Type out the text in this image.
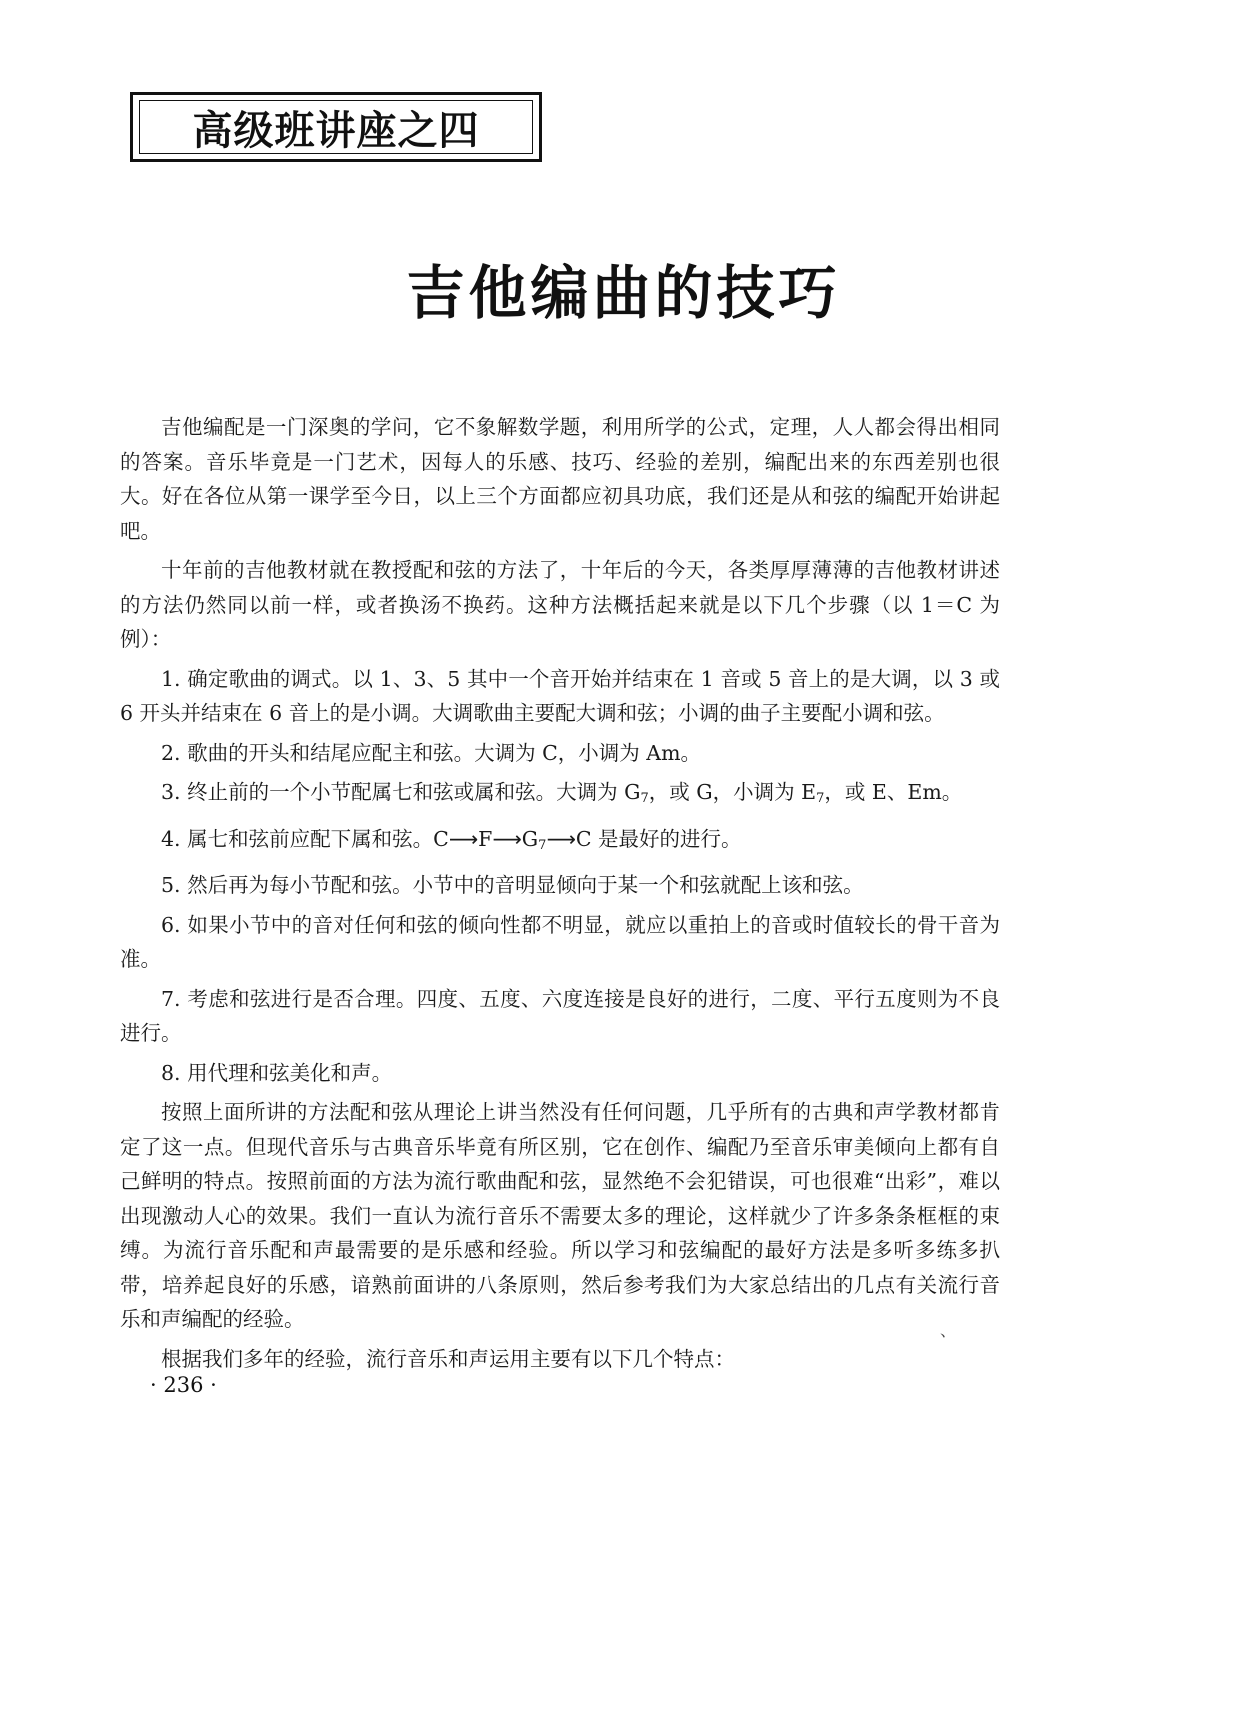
高级班讲座之四
吉他编曲的技巧

吉他编配是一门深奥的学问，它不象解数学题，利用所学的公式，定理，人人都会得出相同的答案。音乐毕竟是一门艺术，因每人的乐感、技巧、经验的差别，编配出来的东西差别也很大。好在各位从第一课学至今日，以上三个方面都应初具功底，我们还是从和弦的编配开始讲起吧。

十年前的吉他教材就在教授配和弦的方法了，十年后的今天，各类厚厚薄薄的吉他教材讲述的方法仍然同以前一样，或者换汤不换药。这种方法概括起来就是以下几个步骤（以 1＝C 为例）：

1. 确定歌曲的调式。以 1、3、5 其中一个音开始并结束在 1 音或 5 音上的是大调，以 3 或 6 开头并结束在 6 音上的是小调。大调歌曲主要配大调和弦；小调的曲子主要配小调和弦。

2. 歌曲的开头和结尾应配主和弦。大调为 C，小调为 Am。

3. 终止前的一个小节配属七和弦或属和弦。大调为 $G_7$，或 G，小调为 $E_7$，或 E、Em。

4. 属七和弦前应配下属和弦。$C⟶F⟶G_7⟶C$ 是最好的进行。

5. 然后再为每小节配和弦。小节中的音明显倾向于某一个和弦就配上该和弦。

6. 如果小节中的音对任何和弦的倾向性都不明显，就应以重拍上的音或时值较长的骨干音为准。

7. 考虑和弦进行是否合理。四度、五度、六度连接是良好的进行，二度、平行五度则为不良进行。

8. 用代理和弦美化和声。

按照上面所讲的方法配和弦从理论上讲当然没有任何问题，几乎所有的古典和声学教材都肯定了这一点。但现代音乐与古典音乐毕竟有所区别，它在创作、编配乃至音乐审美倾向上都有自己鲜明的特点。按照前面的方法为流行歌曲配和弦，显然绝不会犯错误，可也很难“出彩”，难以出现激动人心的效果。我们一直认为流行音乐不需要太多的理论，这样就少了许多条条框框的束缚。为流行音乐配和声最需要的是乐感和经验。所以学习和弦编配的最好方法是多听多练多扒带，培养起良好的乐感，谙熟前面讲的八条原则，然后参考我们为大家总结出的几点有关流行音乐和声编配的经验。

根据我们多年的经验，流行音乐和声运用主要有以下几个特点：

、
· 236 ·
